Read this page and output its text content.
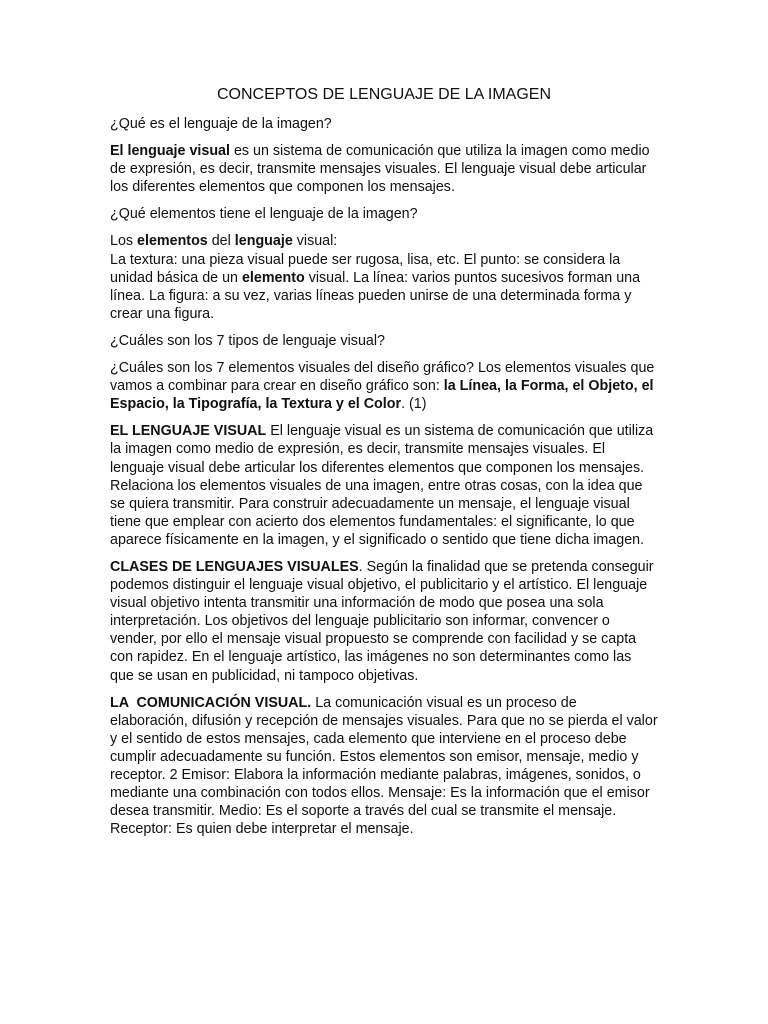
CONCEPTOS DE LENGUAJE DE LA IMAGEN

¿Qué es el lenguaje de la imagen?

El lenguaje visual es un sistema de comunicación que utiliza la imagen como medio de expresión, es decir, transmite mensajes visuales. El lenguaje visual debe articular los diferentes elementos que componen los mensajes.

¿Qué elementos tiene el lenguaje de la imagen?

Los elementos del lenguaje visual:
La textura: una pieza visual puede ser rugosa, lisa, etc. El punto: se considera la unidad básica de un elemento visual. La línea: varios puntos sucesivos forman una línea. La figura: a su vez, varias líneas pueden unirse de una determinada forma y crear una figura.

¿Cuáles son los 7 tipos de lenguaje visual?

¿Cuáles son los 7 elementos visuales del diseño gráfico? Los elementos visuales que vamos a combinar para crear en diseño gráfico son: la Línea, la Forma, el Objeto, el Espacio, la Tipografía, la Textura y el Color. (1)

EL LENGUAJE VISUAL El lenguaje visual es un sistema de comunicación que utiliza la imagen como medio de expresión, es decir, transmite mensajes visuales. El lenguaje visual debe articular los diferentes elementos que componen los mensajes. Relaciona los elementos visuales de una imagen, entre otras cosas, con la idea que se quiera transmitir. Para construir adecuadamente un mensaje, el lenguaje visual tiene que emplear con acierto dos elementos fundamentales: el significante, lo que aparece físicamente en la imagen, y el significado o sentido que tiene dicha imagen.

CLASES DE LENGUAJES VISUALES. Según la finalidad que se pretenda conseguir podemos distinguir el lenguaje visual objetivo, el publicitario y el artístico. El lenguaje visual objetivo intenta transmitir una información de modo que posea una sola interpretación. Los objetivos del lenguaje publicitario son informar, convencer o vender, por ello el mensaje visual propuesto se comprende con facilidad y se capta con rapidez. En el lenguaje artístico, las imágenes no son determinantes como las que se usan en publicidad, ni tampoco objetivas.

LA  COMUNICACIÓN VISUAL. La comunicación visual es un proceso de elaboración, difusión y recepción de mensajes visuales. Para que no se pierda el valor y el sentido de estos mensajes, cada elemento que interviene en el proceso debe cumplir adecuadamente su función. Estos elementos son emisor, mensaje, medio y receptor. 2 Emisor: Elabora la información mediante palabras, imágenes, sonidos, o mediante una combinación con todos ellos. Mensaje: Es la información que el emisor desea transmitir. Medio: Es el soporte a través del cual se transmite el mensaje. Receptor: Es quien debe interpretar el mensaje.
